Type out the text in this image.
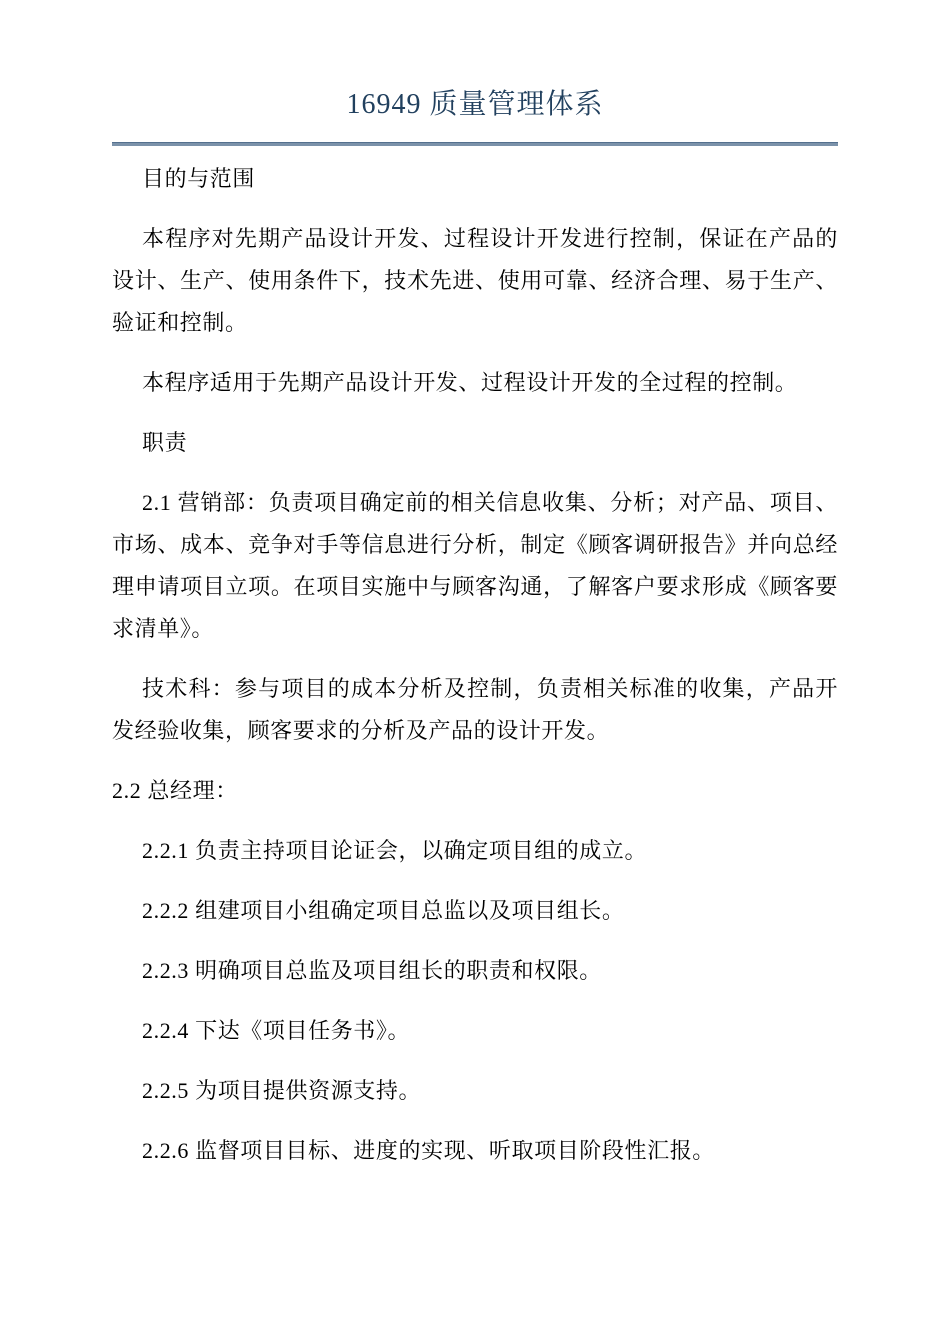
16949 质量管理体系

目的与范围

本程序对先期产品设计开发、过程设计开发进行控制，保证在产品的设计、生产、使用条件下，技术先进、使用可靠、经济合理、易于生产、验证和控制。

本程序适用于先期产品设计开发、过程设计开发的全过程的控制。

职责

2.1 营销部：负责项目确定前的相关信息收集、分析；对产品、项目、市场、成本、竞争对手等信息进行分析，制定《顾客调研报告》并向总经理申请项目立项。在项目实施中与顾客沟通，了解客户要求形成《顾客要求清单》。

技术科：参与项目的成本分析及控制，负责相关标准的收集，产品开发经验收集，顾客要求的分析及产品的设计开发。

2.2 总经理：

2.2.1 负责主持项目论证会，以确定项目组的成立。

2.2.2 组建项目小组确定项目总监以及项目组长。

2.2.3 明确项目总监及项目组长的职责和权限。

2.2.4 下达《项目任务书》。

2.2.5 为项目提供资源支持。

2.2.6 监督项目目标、进度的实现、听取项目阶段性汇报。
